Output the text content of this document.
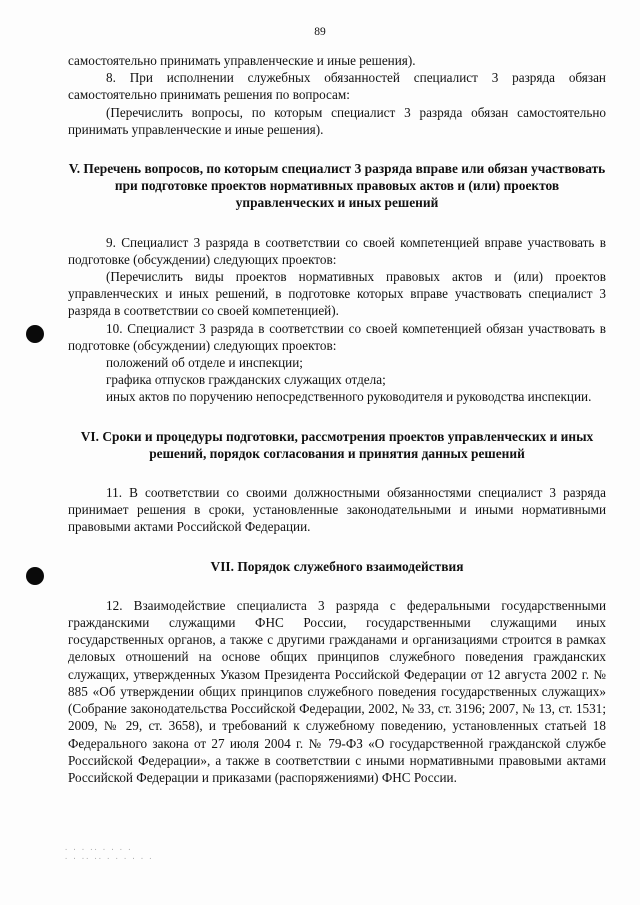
89

самостоятельно принимать управленческие и иные решения).

8. При исполнении служебных обязанностей специалист 3 разряда обязан самостоятельно принимать решения по вопросам:

(Перечислить вопросы, по которым специалист 3 разряда обязан самостоятельно принимать управленческие и иные решения).

V. Перечень вопросов, по которым специалист 3 разряда вправе или обязан участвовать при подготовке проектов нормативных правовых актов и (или) проектов управленческих и иных решений

9. Специалист 3 разряда в соответствии со своей компетенцией вправе участвовать в подготовке (обсуждении) следующих проектов:

(Перечислить виды проектов нормативных правовых актов и (или) проектов управленческих и иных решений, в подготовке которых вправе участвовать специалист 3 разряда в соответствии со своей компетенцией).

10. Специалист 3 разряда в соответствии со своей компетенцией обязан участвовать в подготовке (обсуждении) следующих проектов:

положений об отделе и инспекции;

графика отпусков гражданских служащих отдела;

иных актов по поручению непосредственного руководителя и руководства инспекции.

VI. Сроки и процедуры подготовки, рассмотрения проектов управленческих и иных решений, порядок согласования и принятия данных решений

11. В соответствии со своими должностными обязанностями специалист 3 разряда принимает решения в сроки, установленные законодательными и иными нормативными правовыми актами Российской Федерации.

VII. Порядок служебного взаимодействия

12. Взаимодействие специалиста 3 разряда с федеральными государственными гражданскими служащими ФНС России, государственными служащими иных государственных органов, а также с другими гражданами и организациями строится в рамках деловых отношений на основе общих принципов служебного поведения гражданских служащих, утвержденных Указом Президента Российской Федерации от 12 августа 2002 г. № 885 «Об утверждении общих принципов служебного поведения государственных служащих» (Собрание законодательства Российской Федерации, 2002, № 33, ст. 3196; 2007, № 13, ст. 1531; 2009, № 29, ст. 3658), и требований к служебному поведению, установленных статьей 18 Федерального закона от 27 июля 2004 г. № 79-ФЗ «О государственной гражданской службе Российской Федерации», а также в соответствии с иными нормативными правовыми актами Российской Федерации и приказами (распоряжениями) ФНС России.

· · · ·· · · · ·
· · ·· ·· · · · · · ·
